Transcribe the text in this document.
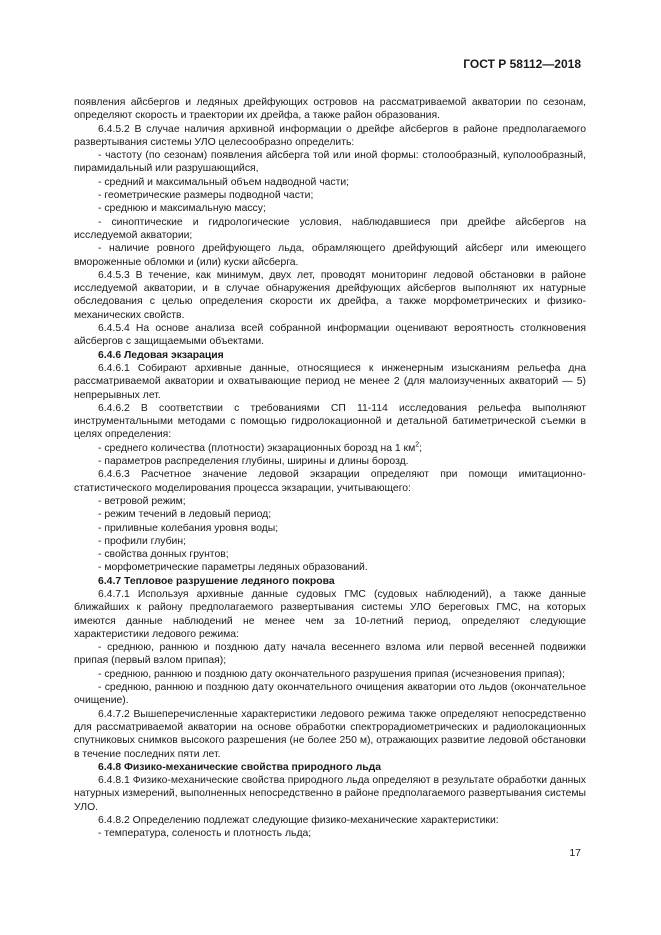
ГОСТ Р 58112—2018

появления айсбергов и ледяных дрейфующих островов на рассматриваемой акватории по сезонам, определяют скорость и траектории их дрейфа, а также район образования.

6.4.5.2 В случае наличия архивной информации о дрейфе айсбергов в районе предполагаемого развертывания системы УЛО целесообразно определить:

- частоту (по сезонам) появления айсберга той или иной формы: столообразный, куполообразный, пирамидальный или разрушающийся,

- средний и максимальный объем надводной части;

- геометрические размеры подводной части;

- среднюю и максимальную массу;

- синоптические и гидрологические условия, наблюдавшиеся при дрейфе айсбергов на исследуемой акватории;

- наличие ровного дрейфующего льда, обрамляющего дрейфующий айсберг или имеющего вмороженные обломки и (или) куски айсберга.

6.4.5.3 В течение, как минимум, двух лет, проводят мониторинг ледовой обстановки в районе исследуемой акватории, и в случае обнаружения дрейфующих айсбергов выполняют их натурные обследования с целью определения скорости их дрейфа, а также морфометрических и физико-механических свойств.

6.4.5.4 На основе анализа всей собранной информации оценивают вероятность столкновения айсбергов с защищаемыми объектами.

6.4.6 Ледовая экзарация

6.4.6.1 Собирают архивные данные, относящиеся к инженерным изысканиям рельефа дна рассматриваемой акватории и охватывающие период не менее 2 (для малоизученных акваторий — 5) непрерывных лет.

6.4.6.2 В соответствии с требованиями СП 11-114 исследования рельефа выполняют инструментальными методами с помощью гидролокационной и детальной батиметрической съемки в целях определения:

- среднего количества (плотности) экзарационных борозд на 1 $км^2$;

- параметров распределения глубины, ширины и длины борозд.

6.4.6.3 Расчетное значение ледовой экзарации определяют при помощи имитационно-статистического моделирования процесса экзарации, учитывающего:

- ветровой режим;

- режим течений в ледовый период;

- приливные колебания уровня воды;

- профили глубин;

- свойства донных грунтов;

- морфометрические параметры ледяных образований.

6.4.7 Тепловое разрушение ледяного покрова

6.4.7.1 Используя архивные данные судовых ГМС (судовых наблюдений), а также данные ближайших к району предполагаемого развертывания системы УЛО береговых ГМС, на которых имеются данные наблюдений не менее чем за 10-летний период, определяют следующие характеристики ледового режима:

- среднюю, раннюю и позднюю дату начала весеннего взлома или первой весенней подвижки припая (первый взлом припая);

- среднюю, раннюю и позднюю дату окончательного разрушения припая (исчезновения припая);

- среднюю, раннюю и позднюю дату окончательного очищения акватории ото льдов (окончательное очищение).

6.4.7.2 Вышеперечисленные характеристики ледового режима также определяют непосредственно для рассматриваемой акватории на основе обработки спектрорадиометрических и радиолокационных спутниковых снимков высокого разрешения (не более 250 м), отражающих развитие ледовой обстановки в течение последних пяти лет.

6.4.8 Физико-механические свойства природного льда

6.4.8.1 Физико-механические свойства природного льда определяют в результате обработки данных натурных измерений, выполненных непосредственно в районе предполагаемого развертывания системы УЛО.

6.4.8.2 Определению подлежат следующие физико-механические характеристики:

- температура, соленость и плотность льда;

17
